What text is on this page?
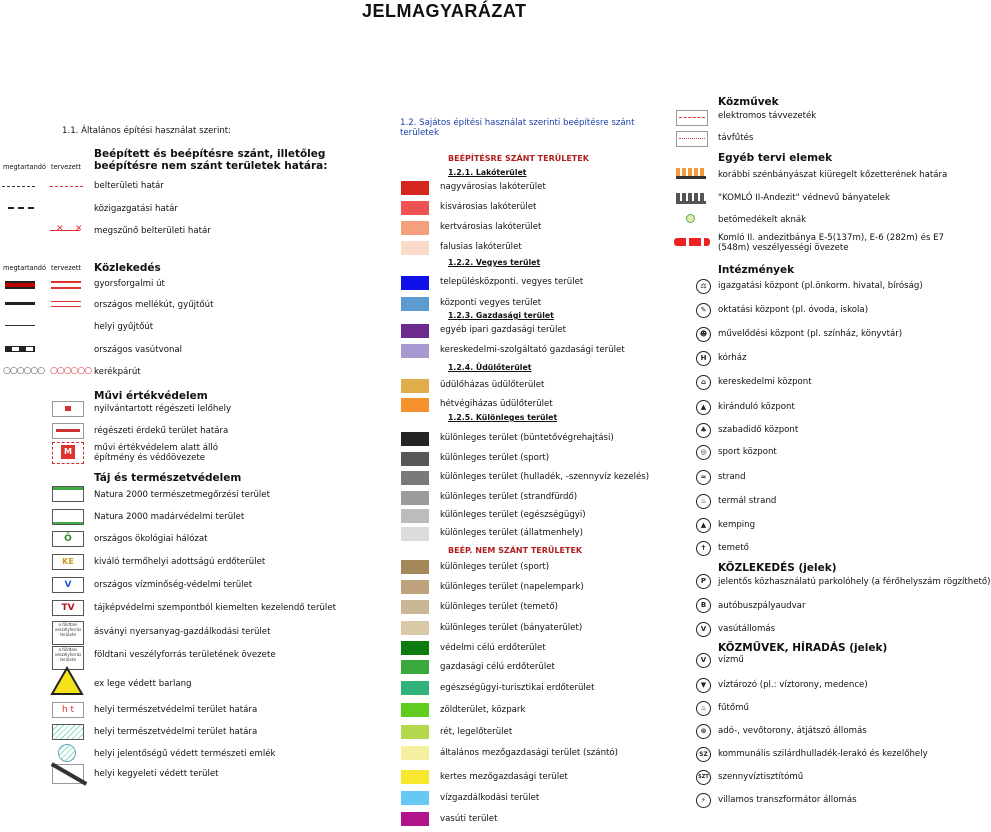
JELMAGYARÁZAT
1.1. Általános építési használat szerint:
megtartandó tervezett
Beépített és beépítésre szánt, illetőleg beépítésre nem szánt területek határa:
belterületi határ
közigazgatási határ
✕    ✕ megszűnő belterületi határ
megtartandó tervezett Közlekedés
gyorsforgalmi út
országos mellékút, gyűjtőút
helyi gyűjtőút
országos vasútvonal
○○○○○○ ○○○○○○ kerékpárút
Művi értékvédelem
nyilvántartott régészeti lelőhely
régészeti érdekű terület határa
M	művi értékvédelem alatt álló építmény és védőövezete
Táj és természetvédelem
Natura 2000 természetmegőrzési terület
Natura 2000 madárvédelmi terület
Ö	országos ökológiai hálózat
KE	kiváló termőhelyi adottságú erdőterület
V	országos vízminőség-védelmi terület
TV	tájképvédelmi szempontból kiemelten kezelendő terület
a földtani veszélyforrás területe	ásványi nyersanyag-gazdálkodási terület
a földtani veszélyforrás területe	földtani veszélyforrás területének övezete
ex lege védett barlang
h t	helyi természetvédelmi terület határa
helyi természetvédelmi terület határa
helyi jelentőségű védett természeti emlék
helyi kegyeleti védett terület
1.2. Sajátos építési használat szerinti beépítésre szánt területek
BEÉPÍTÉSRE SZÁNT TERÜLETEK
1.2.1. Lakóterület
nagyvárosias lakóterület
kisvárosias lakóterület
kertvárosias lakóterület
falusias lakóterület
1.2.2. Vegyes terület
településközponti. vegyes terület
központi vegyes terület
1.2.3. Gazdasági terület
egyéb ipari gazdasági terület
kereskedelmi-szolgáltató gazdasági terület
1.2.4. Üdülőterület
üdülőházas üdülőterület
hétvégiházas üdülőterület
1.2.5. Különleges terület
különleges terület (büntetővégrehajtási)
különleges terület (sport)
különleges terület (hulladék, -szennyvíz kezelés)
különleges terület (strandfürdő)
különleges terület (egészségügyi)
különleges terület (állatmenhely)
BEÉP. NEM SZÁNT TERÜLETEK
különleges terület (sport)
különleges terület (napelempark)
különleges terület (temető)
különleges terület (bányaterület)
védelmi célú erdőterület
gazdasági célú erdőterület
egészségügyi-turisztikai erdőterület
zöldterület, közpark
rét, legelőterület
általános mezőgazdasági terület (szántó)
kertes mezőgazdasági terület
vízgazdálkodási terület
vasúti terület
Közművek
elektromos távvezeték
távfűtés
Egyéb tervi elemek
korábbi szénbányászat kiüregelt kőzetterének határa
"KOMLÓ II-Andezit" védnevű bányatelek
betömedékelt aknák
Komló II. andezitbánya E-5(137m), E-6 (282m) és E7 (548m) veszélyességi övezete
Intézmények
⚖	igazgatási központ (pl.önkorm. hivatal, bíróság)
✎	oktatási központ (pl. óvoda, iskola)
☻	művelődési központ (pl. színház, könyvtár)
H	kórház
⌂	kereskedelmi központ
▲	kiránduló központ
♣	szabadidő központ
◎	sport központ
≈	strand
♨	termál strand
▲	kemping
✝	temető
KÖZLEKEDÉS (jelek)
P	jelentős közhasználatú parkolóhely (a férőhelyszám rögzíthető)
B	autóbuszpályaudvar
KÖZMŰVEK, HÍRADÁS (jelek)
V	vasútállomás
V	vízmű
▼	víztározó (pl.: víztorony, medence)
♨	fűtőmű
⊗	adó-, vevőtorony, átjátszó állomás
SZ	kommunális szilárdhulladék-lerakó és kezelőhely
SZT szennyvíztisztítómű
⚡	villamos transzformátor állomás
